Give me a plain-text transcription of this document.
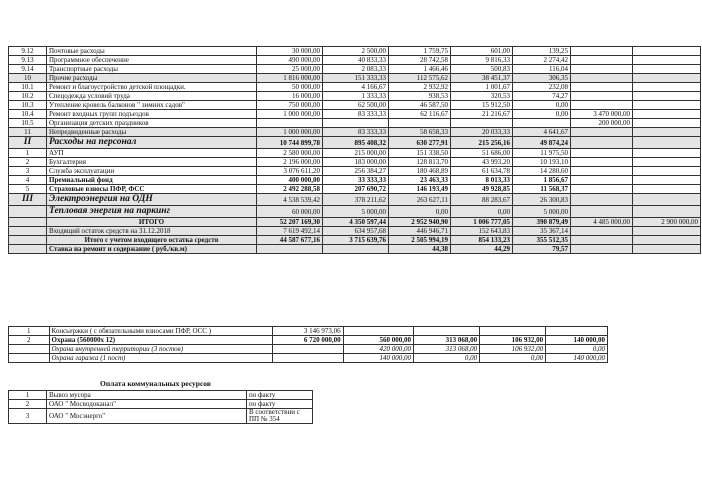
9.12	Почтовые расходы	30 000,00	2 500,00	1 759,75	601,00	139,25		
9.13	Программное обеспечение	490 000,00	40 833,33	28 742,58	9 816,33	2 274,42		
9.14	Транспортные расходы	25 000,00	2 083,33	1 466,46	500,83	116,04		
10	Прочие расходы	1 816 000,00	151 333,33	112 575,62	38 451,37	306,35		
10.1	Ремонт и благоустройство детской площадки.	50 000,00	4 166,67	2 932,92	1 001,67	232,08		
10.2	Спецодежда условий труда	16 000,00	1 333,33	938,53	320,53	74,27		
10.3	Утепление кровель балконов " зимних садов"	750 000,00	62 500,00	46 587,50	15 912,50	0,00		
10.4	Ремонт входных групп подъездов	1 000 000,00	83 333,33	62 116,67	21 216,67	0,00	3 470 000,00	
10.5	Организация детских праздников						200 000,00	
11	Непредвиденные расходы	1 000 000,00	83 333,33	58 658,33	20 033,33	4 641,67		
II	Расходы на персонал	10 744 899,78	895 408,32	630 277,91	215 256,16	49 874,24		
1	АУП	2 580 000,00	215 000,00	151 338,50	51 686,00	11 975,50		
2	Бухгалтерия	2 196 000,00	183 000,00	128 813,70	43 993,20	10 193,10		
3	Служба эксплуатации	3 076 611,20	256 384,27	180 468,89	61 634,78	14 280,60		
4	Премиальный фонд	400 000,00	33 333,33	23 463,33	8 013,33	1 856,67		
5	Страховые взносы ПФР, ФСС	2 492 288,58	207 690,72	146 193,49	49 928,85	11 568,37		
III	Электроэнергия на ОДН	4 538 539,42	378 211,62	263 627,11	88 283,67	26 300,83		
	Тепловая энергия на паркинг	60 000,00	5 000,00	0,00	0,00	5 000,00		
	ИТОГО	52 207 169,30	4 350 597,44	2 952 940,90	1 006 777,05	390 879,49	4 485 000,00	2 900 000,00
	Входящий остаток средств на 31.12.2018	7 619 492,14	634 957,68	446 946,71	152 643,83	35 367,14		
	Итого с учетом входящего остатка средств	44 587 677,16	3 715 639,76	2 505 994,19	854 133,23	355 512,35		
	Ставка на ремонт и содержание ( руб./кв.м)			44,38	44,29	79,57		
1	Консьержки ( с обязательными взносами ПФР, ОСС )	3 146 973,06				
2	Охрана (560000х 12)	6 720 000,00	560 000,00	313 068,00	106 932,00	140 000,00
	Охрана внутренней территории (3 постов)		420 000,00	313 068,00	106 932,00	0,00
	Охрана гаража (1 пост)		140 000,00	0,00	0,00	140 000,00
Оплата коммунальных ресурсов
1	Вывоз мусора	по факту

2	ОАО " Мосводоканал"	по факту

3	ОАО " Мосэнерго"	В соответствии с
ПП № 354
